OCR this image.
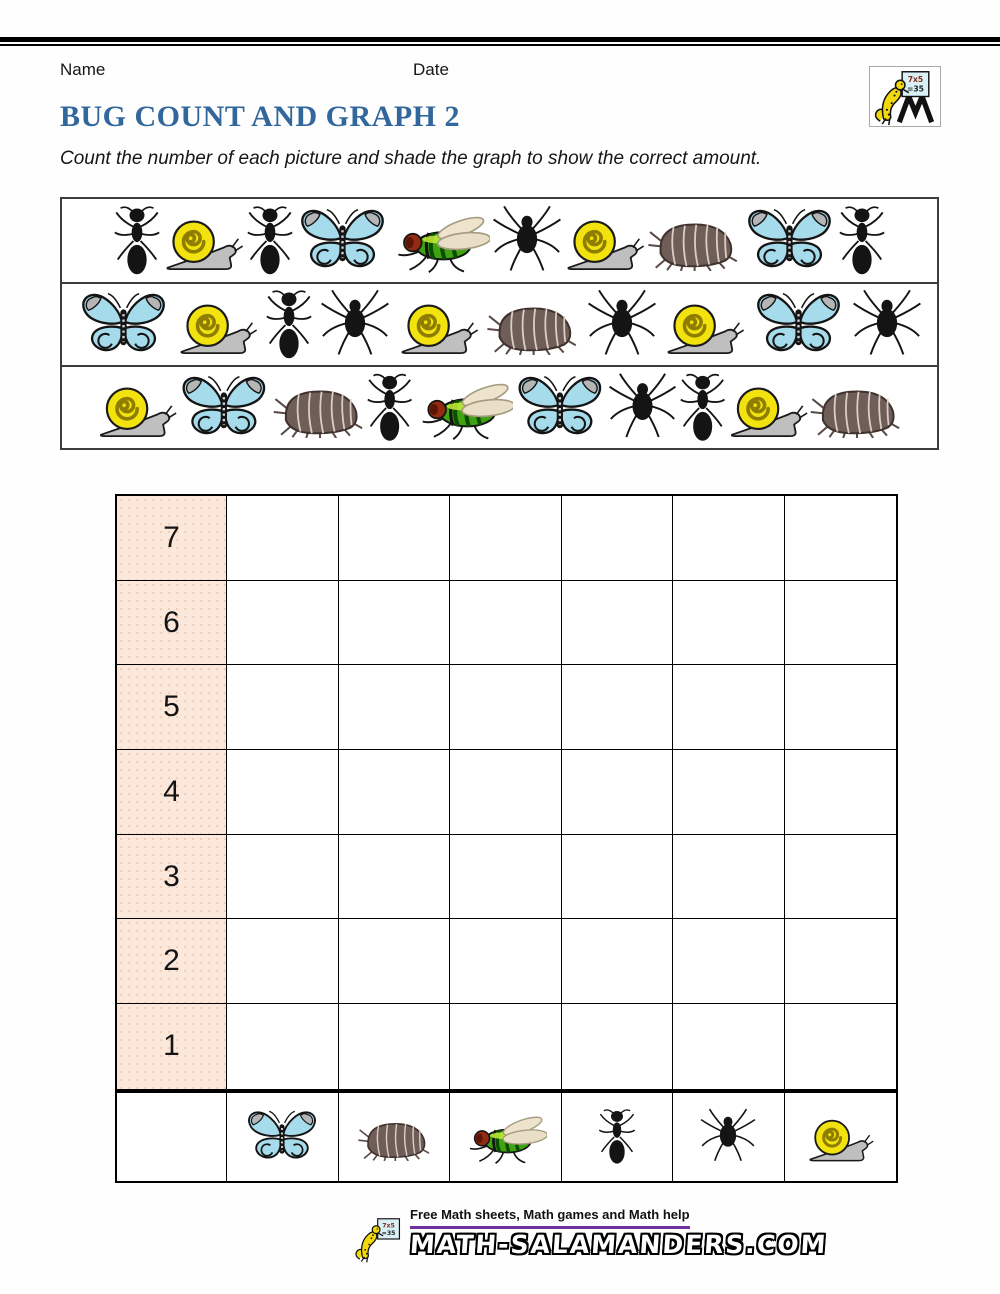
Name	Date
BUG COUNT AND GRAPH 2

Count the number of each picture and shade the graph to show the correct amount.

7
6
5
4
3
2
1
Free Math sheets, Math games and Math help
MATH-SALAMANDERS.COM
